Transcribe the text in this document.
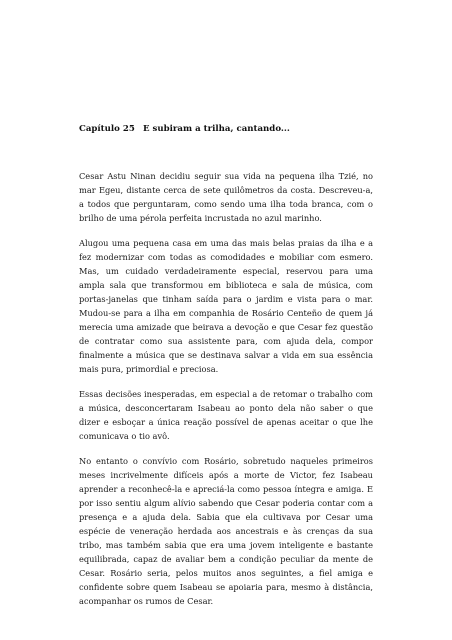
Capítulo 25 E subiram a trilha, cantando...

Cesar Astu Ninan decidiu seguir sua vida na pequena ilha Tzié, no mar Egeu, distante cerca de sete quilômetros da costa. Descreveu-a, a todos que perguntaram, como sendo uma ilha toda branca, com o brilho de uma pérola perfeita incrustada no azul marinho.

Alugou uma pequena casa em uma das mais belas praias da ilha e a fez modernizar com todas as comodidades e mobiliar com esmero. Mas, um cuidado verdadeiramente especial, reservou para uma ampla sala que transformou em biblioteca e sala de música, com portas-janelas que tinham saída para o jardim e vista para o mar. Mudou-se para a ilha em companhia de Rosário Centeño de quem já merecia uma amizade que beirava a devoção e que Cesar fez questão de contratar como sua assistente para, com ajuda dela, compor finalmente a música que se destinava salvar a vida em sua essência mais pura, primordial e preciosa.

Essas decisões inesperadas, em especial a de retomar o trabalho com a música, desconcertaram Isabeau ao ponto dela não saber o que dizer e esboçar a única reação possível de apenas aceitar o que lhe comunicava o tio avô.

No entanto o convívio com Rosário, sobretudo naqueles primeiros meses incrivelmente difíceis após a morte de Victor, fez Isabeau aprender a reconhecê-la e apreciá-la como pessoa íntegra e amiga. E por isso sentiu algum alívio sabendo que Cesar poderia contar com a presença e a ajuda dela. Sabia que ela cultivava por Cesar uma espécie de veneração herdada aos ancestrais e às crenças da sua tribo, mas também sabia que era uma jovem inteligente e bastante equilibrada, capaz de avaliar bem a condição peculiar da mente de Cesar. Rosário seria, pelos muitos anos seguintes, a fiel amiga e confidente sobre quem Isabeau se apoiaria para, mesmo à distância, acompanhar os rumos de Cesar.
